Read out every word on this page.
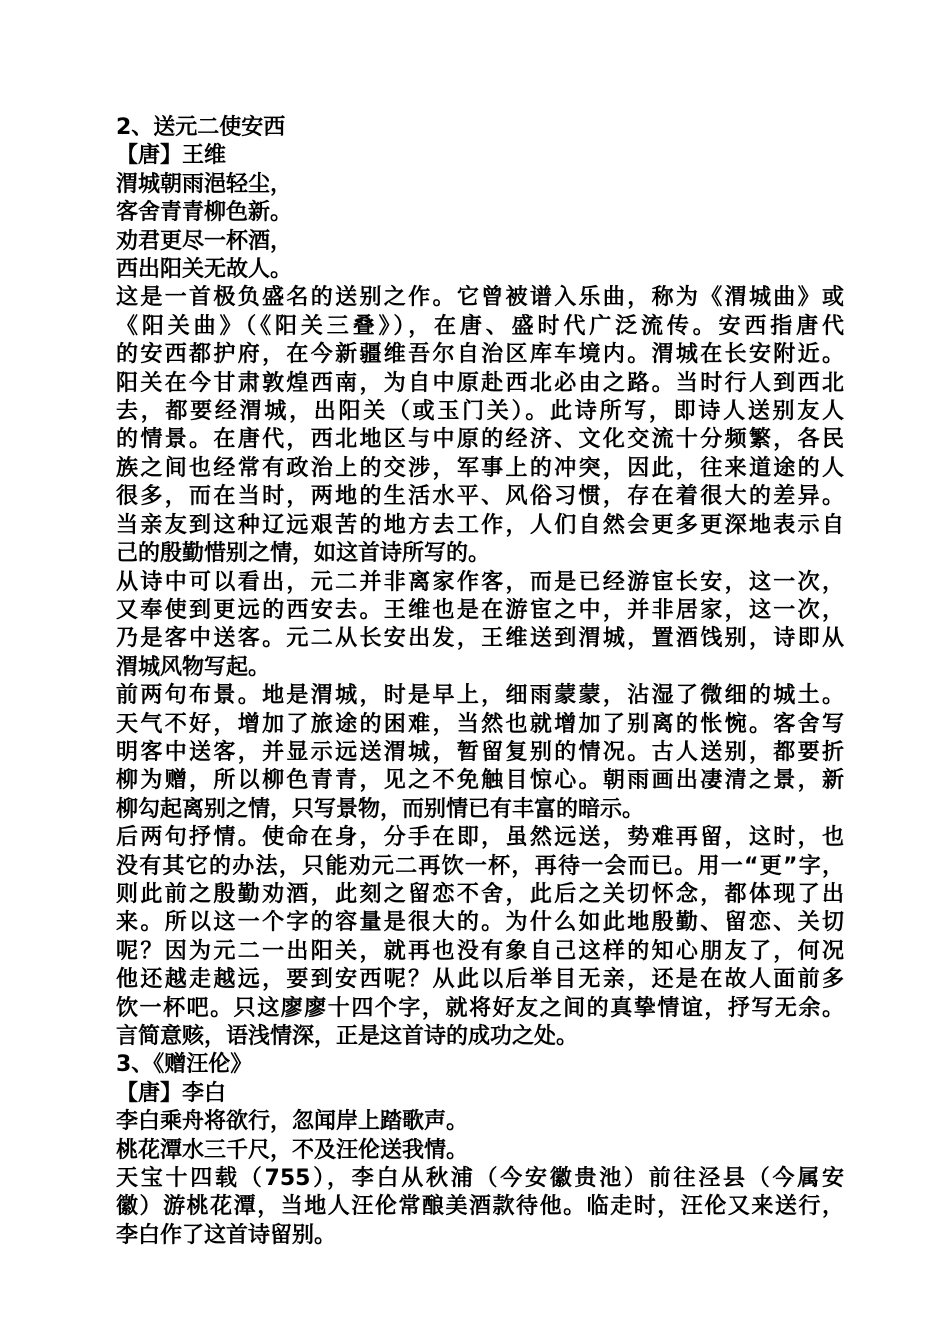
2、送元二使安西
【唐】王维
渭城朝雨浥轻尘，
客舍青青柳色新。
劝君更尽一杯酒，
西出阳关无故人。
这是一首极负盛名的送别之作。它曾被谱入乐曲，称为《渭城曲》或
《阳关曲》（《阳关三叠》），在唐、盛时代广泛流传。安西指唐代
的安西都护府，在今新疆维吾尔自治区库车境内。渭城在长安附近。
阳关在今甘肃敦煌西南，为自中原赴西北必由之路。当时行人到西北
去，都要经渭城，出阳关（或玉门关）。此诗所写，即诗人送别友人
的情景。在唐代，西北地区与中原的经济、文化交流十分频繁，各民
族之间也经常有政治上的交涉，军事上的冲突，因此，往来道途的人
很多，而在当时，两地的生活水平、风俗习惯，存在着很大的差异。
当亲友到这种辽远艰苦的地方去工作，人们自然会更多更深地表示自
己的殷勤惜别之情，如这首诗所写的。
从诗中可以看出，元二并非离家作客，而是已经游宦长安，这一次，
又奉使到更远的西安去。王维也是在游宦之中，并非居家，这一次，
乃是客中送客。元二从长安出发，王维送到渭城，置酒饯别，诗即从
渭城风物写起。
前两句布景。地是渭城，时是早上，细雨蒙蒙，沾湿了微细的城土。
天气不好，增加了旅途的困难，当然也就增加了别离的怅惋。客舍写
明客中送客，并显示远送渭城，暂留复别的情况。古人送别，都要折
柳为赠，所以柳色青青，见之不免触目惊心。朝雨画出凄清之景，新
柳勾起离别之情，只写景物，而别情已有丰富的暗示。
后两句抒情。使命在身，分手在即，虽然远送，势难再留，这时，也
没有其它的办法，只能劝元二再饮一杯，再待一会而已。用一“更”字，
则此前之殷勤劝酒，此刻之留恋不舍，此后之关切怀念，都体现了出
来。所以这一个字的容量是很大的。为什么如此地殷勤、留恋、关切
呢？因为元二一出阳关，就再也没有象自己这样的知心朋友了，何况
他还越走越远，要到安西呢？从此以后举目无亲，还是在故人面前多
饮一杯吧。只这廖廖十四个字，就将好友之间的真挚情谊，抒写无余。
言简意赅，语浅情深，正是这首诗的成功之处。
3、《赠汪伦》
【唐】李白
李白乘舟将欲行，忽闻岸上踏歌声。
桃花潭水三千尺，不及汪伦送我情。
天宝十四载（755），李白从秋浦（今安徽贵池）前往泾县（今属安
徽）游桃花潭，当地人汪伦常酿美酒款待他。临走时，汪伦又来送行，
李白作了这首诗留别。
